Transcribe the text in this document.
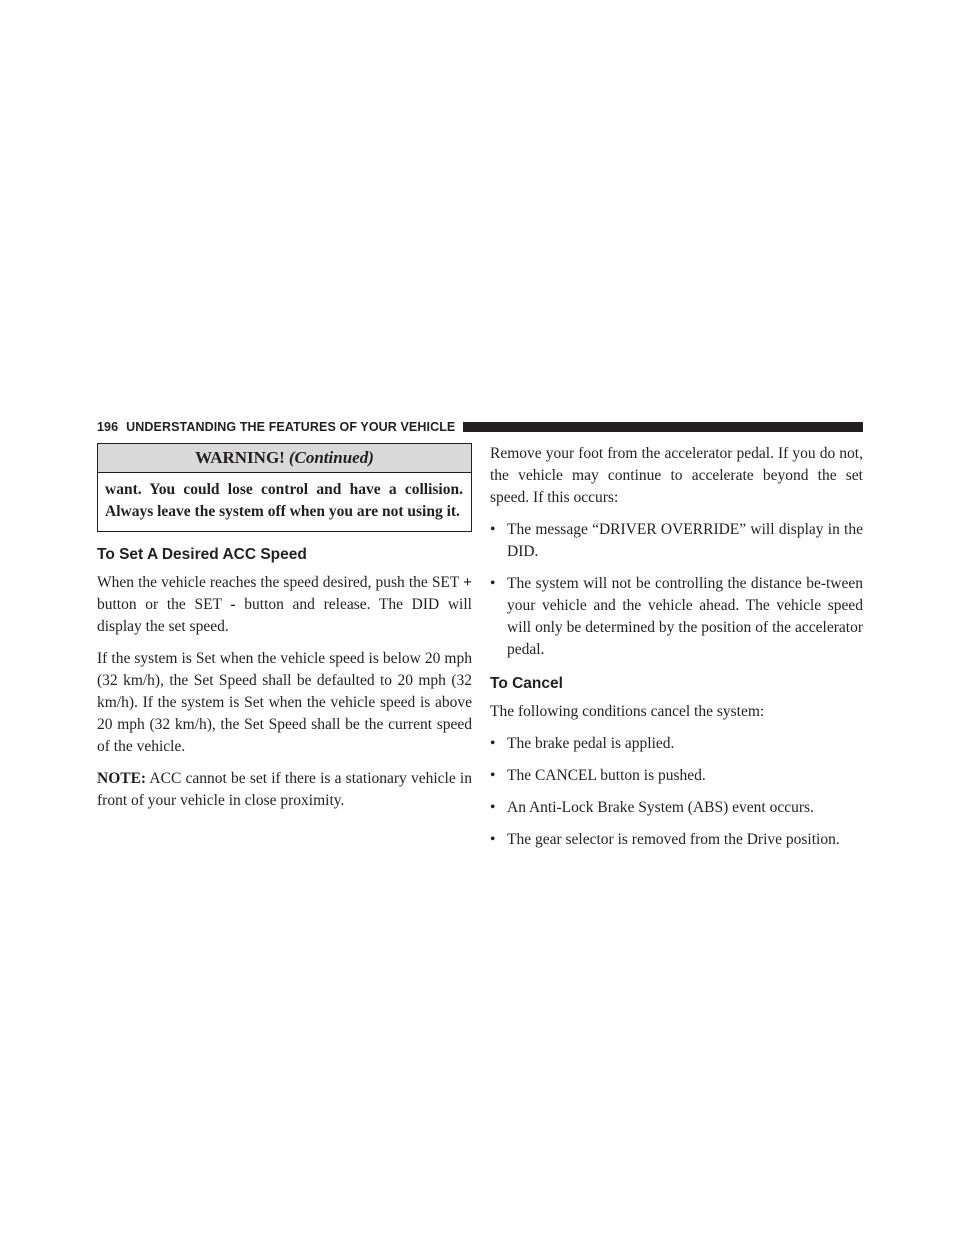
196 UNDERSTANDING THE FEATURES OF YOUR VEHICLE
WARNING! (Continued)
want. You could lose control and have a collision. Always leave the system off when you are not using it.
To Set A Desired ACC Speed

When the vehicle reaches the speed desired, push the SET + button or the SET - button and release. The DID will display the set speed.

If the system is Set when the vehicle speed is below 20 mph (32 km/h), the Set Speed shall be defaulted to 20 mph (32 km/h). If the system is Set when the vehicle speed is above 20 mph (32 km/h), the Set Speed shall be the current speed of the vehicle.

NOTE: ACC cannot be set if there is a stationary vehicle in front of your vehicle in close proximity.

Remove your foot from the accelerator pedal. If you do not, the vehicle may continue to accelerate beyond the set speed. If this occurs:

• The message “DRIVER OVERRIDE” will display in the DID.
• The system will not be controlling the distance be-tween your vehicle and the vehicle ahead. The vehicle speed will only be determined by the position of the accelerator pedal.
To Cancel

The following conditions cancel the system:

• The brake pedal is applied.
• The CANCEL button is pushed.
• An Anti-Lock Brake System (ABS) event occurs.
• The gear selector is removed from the Drive position.
